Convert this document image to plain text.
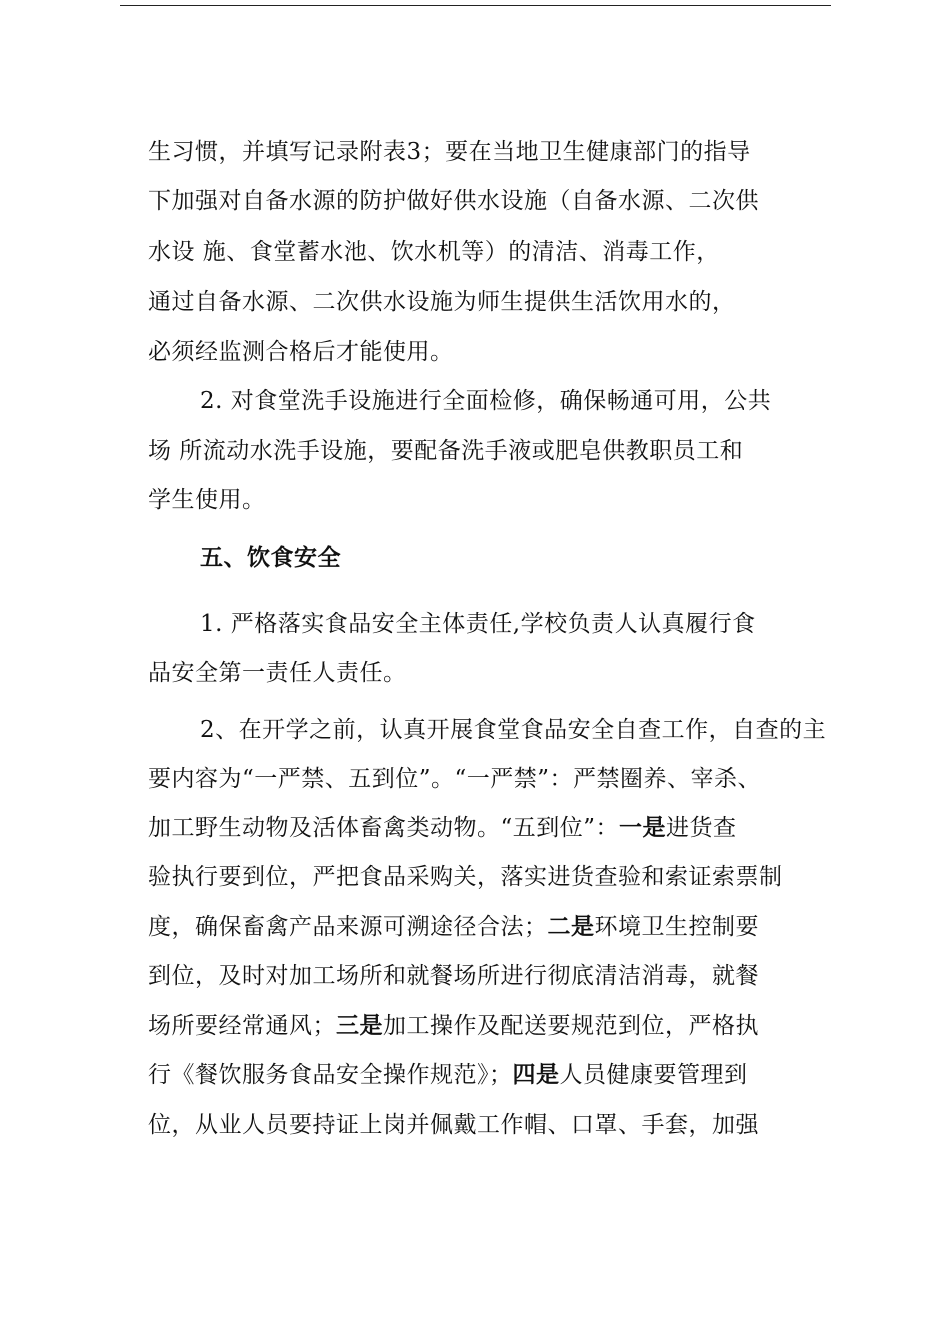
生习惯，并填写记录附表3；要在当地卫生健康部门的指导
下加强对自备水源的防护做好供水设施（自备水源、二次供
水设 施、食堂蓄水池、饮水机等）的清洁、消毒工作，
通过自备水源、二次供水设施为师生提供生活饮用水的，
必须经监测合格后才能使用。
2. 对食堂洗手设施进行全面检修，确保畅通可用，公共
场 所流动水洗手设施，要配备洗手液或肥皂供教职员工和
学生使用。
五、饮食安全
1. 严格落实食品安全主体责任,学校负责人认真履行食
品安全第一责任人责任。
2、在开学之前，认真开展食堂食品安全自查工作，自查的主
要内容为“一严禁、五到位”。“一严禁”：严禁圈养、宰杀、
加工野生动物及活体畜禽类动物。“五到位”：一是进货查
验执行要到位，严把食品采购关，落实进货查验和索证索票制
度，确保畜禽产品来源可溯途径合法；二是环境卫生控制要
到位，及时对加工场所和就餐场所进行彻底清洁消毒，就餐
场所要经常通风；三是加工操作及配送要规范到位，严格执
行《餐饮服务食品安全操作规范》；四是人员健康要管理到
位，从业人员要持证上岗并佩戴工作帽、口罩、手套，加强
